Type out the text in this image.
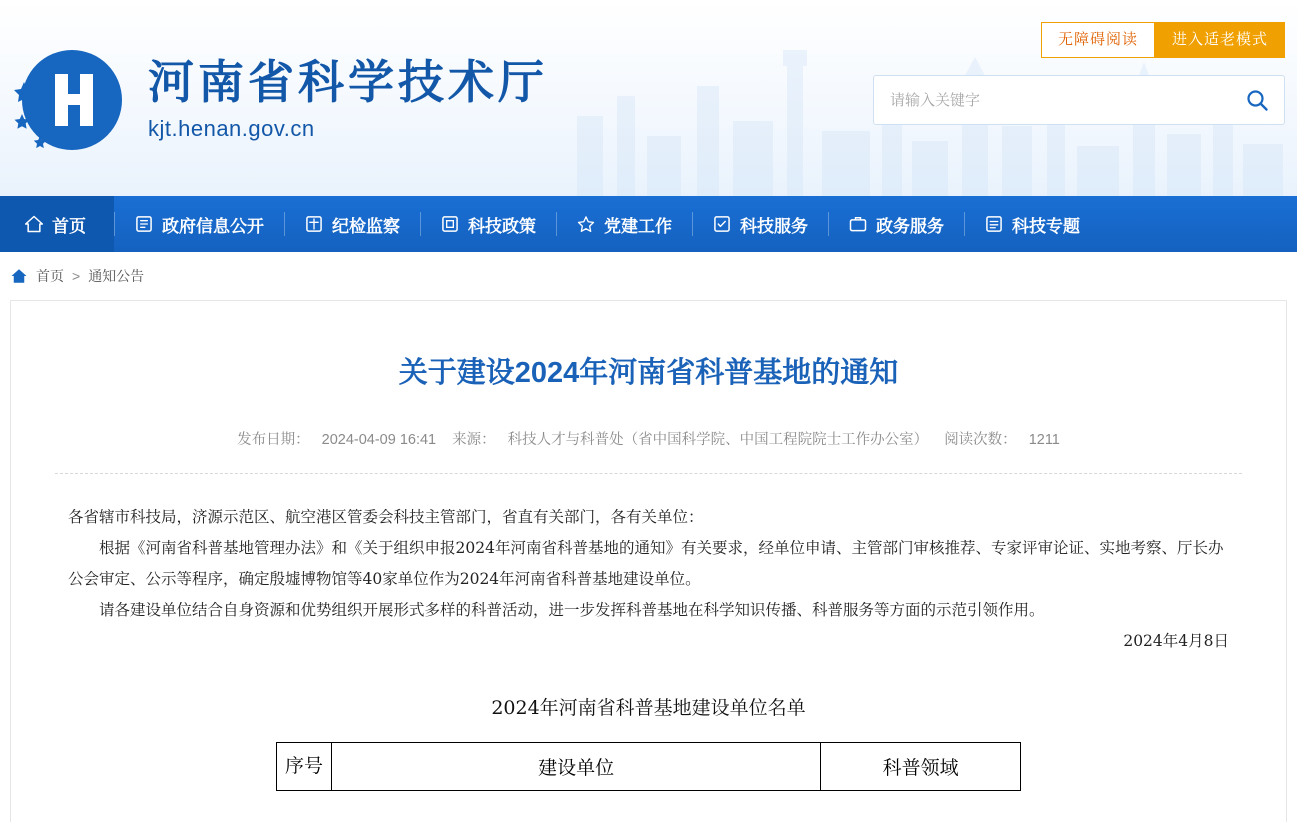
无障碍阅读	进入适老模式
河南省科学技术厅
kjt.henan.gov.cn
请输入关键字
首页	政府信息公开	纪检监察	科技政策	党建工作	科技服务	政务服务	科技专题
首页 > 通知公告
关于建设2024年河南省科普基地的通知
发布日期： 2024-04-09 16:41 来源： 科技人才与科普处（省中国科学院、中国工程院院士工作办公室） 阅读次数： 1211

各省辖市科技局，济源示范区、航空港区管委会科技主管部门，省直有关部门，各有关单位：

根据《河南省科普基地管理办法》和《关于组织申报2024年河南省科普基地的通知》有关要求，经单位申请、主管部门审核推荐、专家评审论证、实地考察、厅长办公会审定、公示等程序，确定殷墟博物馆等40家单位作为2024年河南省科普基地建设单位。

请各建设单位结合自身资源和优势组织开展形式多样的科普活动，进一步发挥科普基地在科学知识传播、科普服务等方面的示范引领作用。

2024年4月8日

2024年河南省科普基地建设单位名单
序号	建设单位	科普领域
